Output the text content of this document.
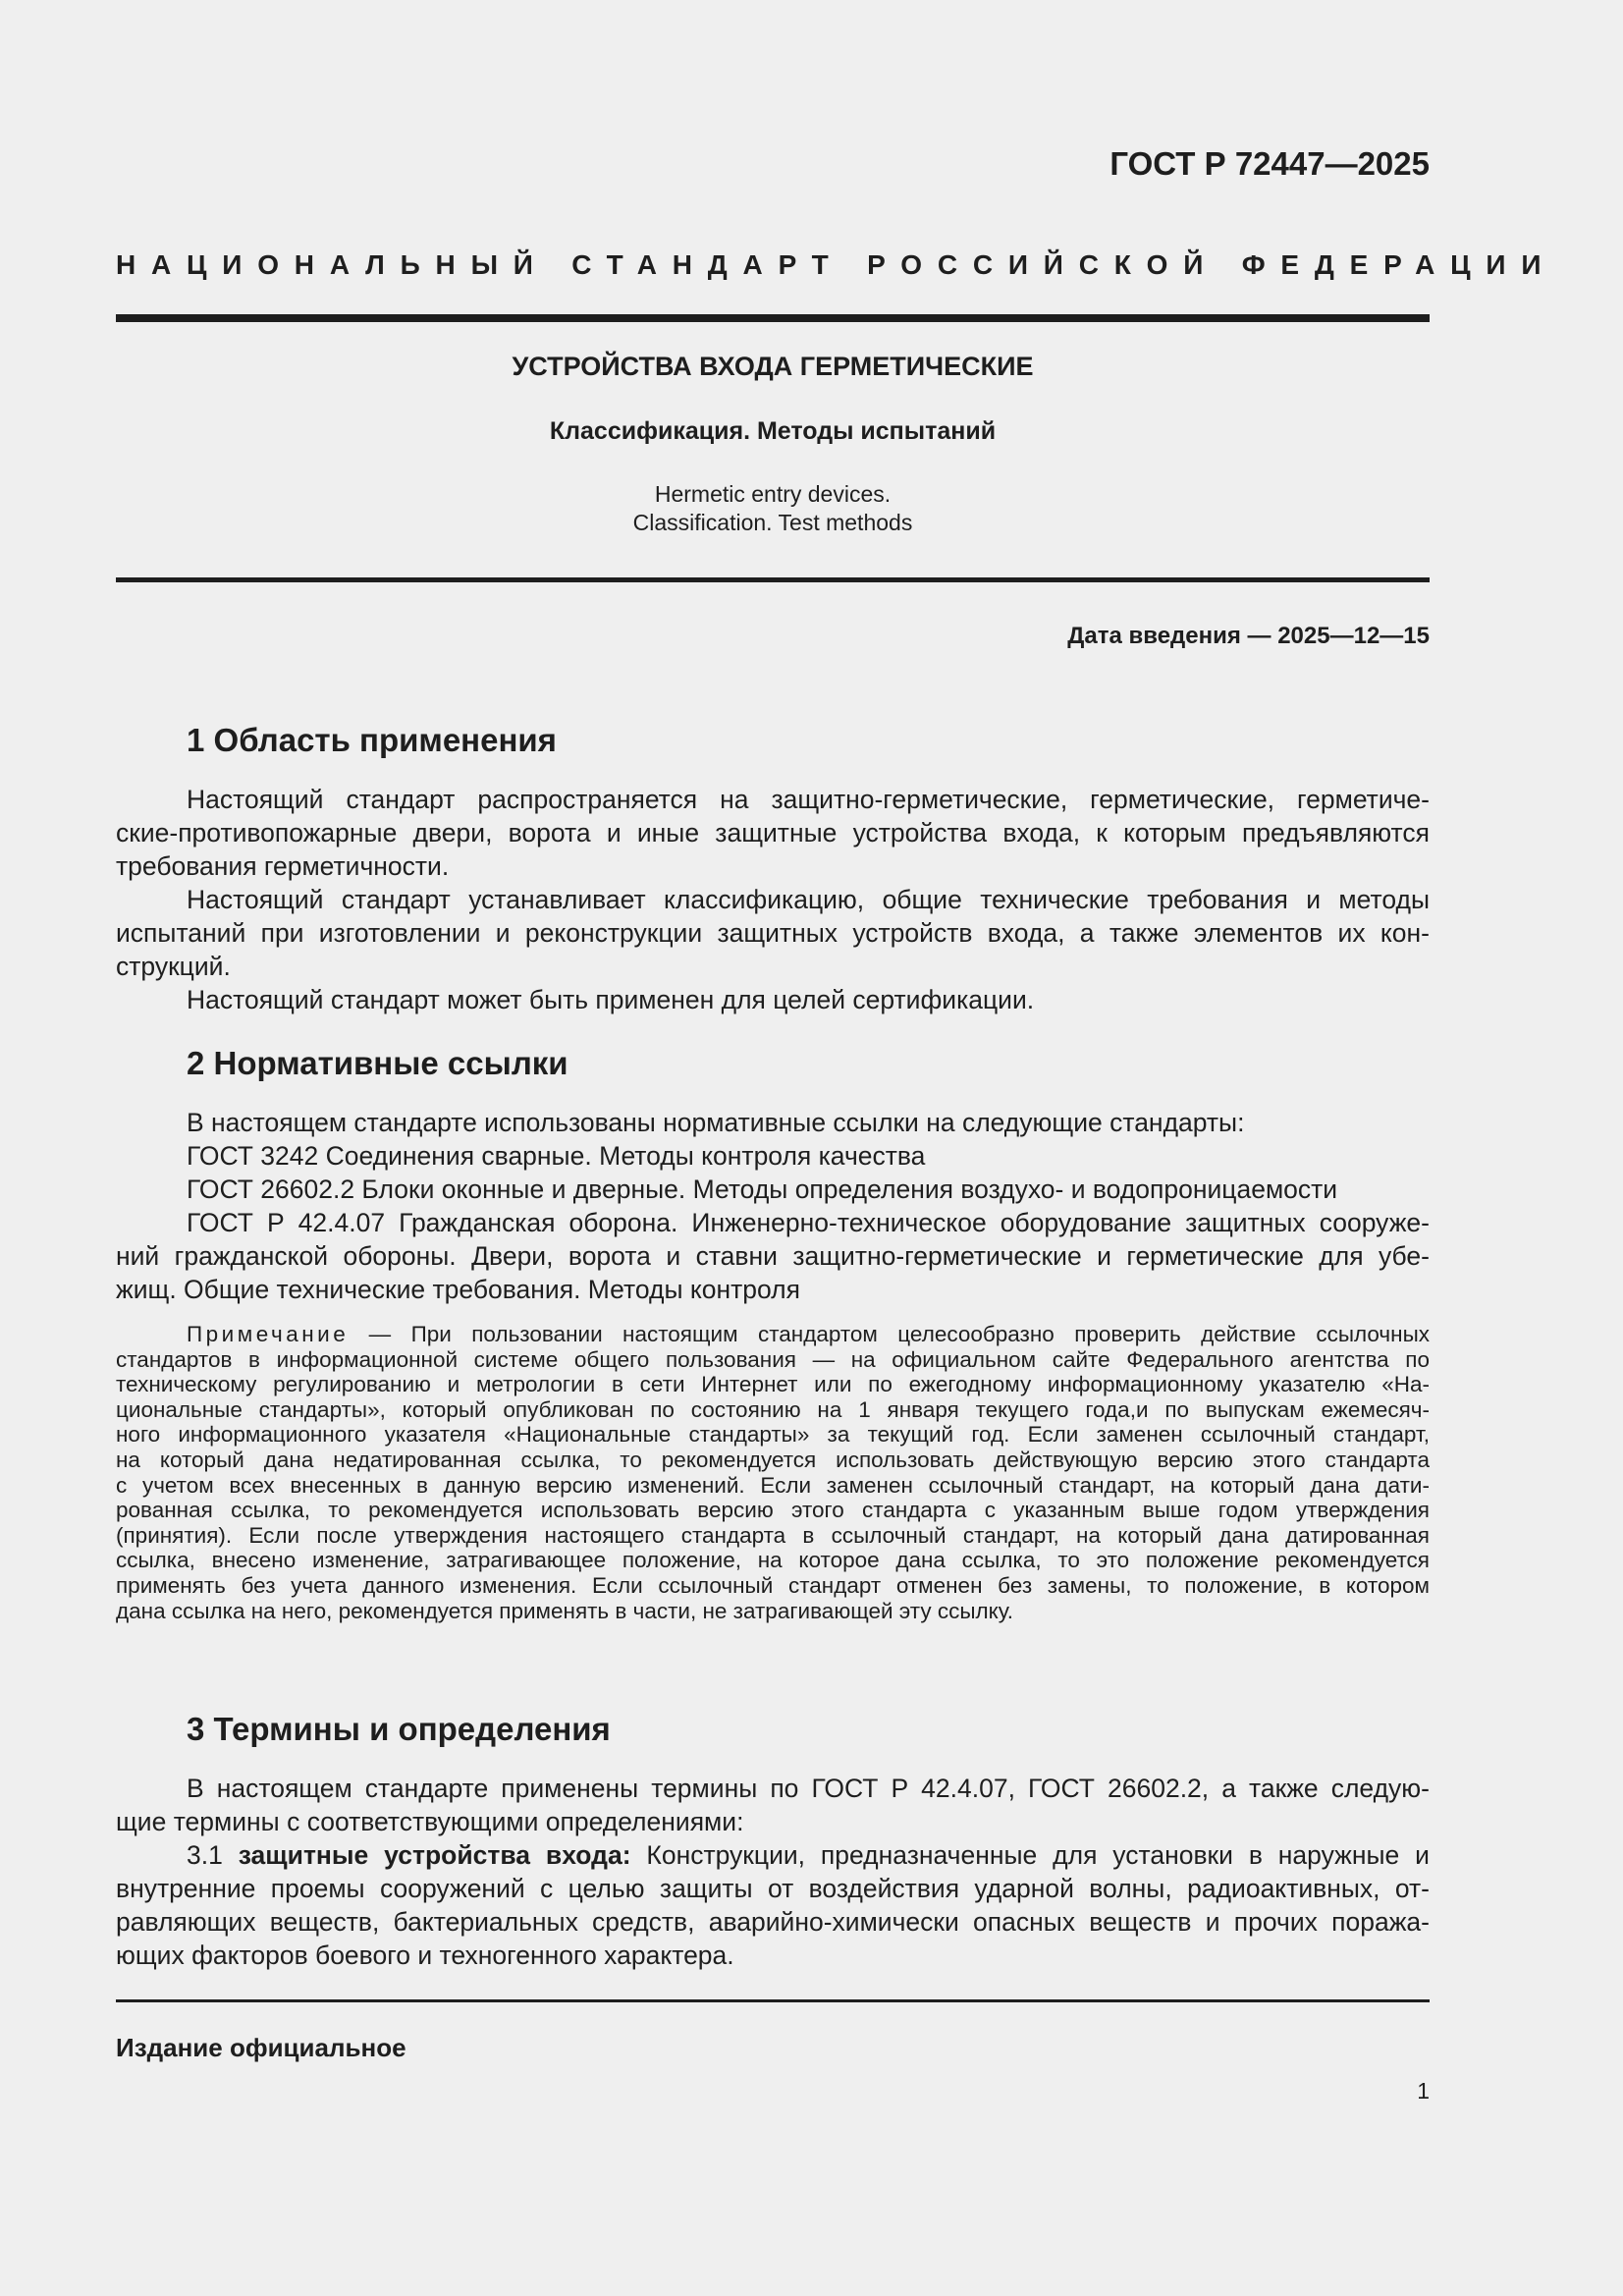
ГОСТ Р 72447—2025
НАЦИОНАЛЬНЫЙ СТАНДАРТ РОССИЙСКОЙ ФЕДЕРАЦИИ
УСТРОЙСТВА ВХОДА ГЕРМЕТИЧЕСКИЕ
Классификация. Методы испытаний
Hermetic entry devices.
Classification. Test methods
Дата введения — 2025—12—15
1 Область применения
Настоящий стандарт распространяется на защитно-герметические, герметические, герметиче-
ские-противопожарные двери, ворота и иные защитные устройства входа, к которым предъявляются
требования герметичности.
Настоящий стандарт устанавливает классификацию, общие технические требования и методы
испытаний при изготовлении и реконструкции защитных устройств входа, а также элементов их кон-
струкций.
Настоящий стандарт может быть применен для целей сертификации.
2 Нормативные ссылки
В настоящем стандарте использованы нормативные ссылки на следующие стандарты:
ГОСТ 3242 Соединения сварные. Методы контроля качества
ГОСТ 26602.2 Блоки оконные и дверные. Методы определения воздухо- и водопроницаемости
ГОСТ Р 42.4.07 Гражданская оборона. Инженерно-техническое оборудование защитных сооруже-
ний гражданской обороны. Двери, ворота и ставни защитно-герметические и герметические для убе-
жищ. Общие технические требования. Методы контроля
Примечание — При пользовании настоящим стандартом целесообразно проверить действие ссылочных
стандартов в информационной системе общего пользования — на официальном сайте Федерального агентства по
техническому регулированию и метрологии в сети Интернет или по ежегодному информационному указателю «На-
циональные стандарты», который опубликован по состоянию на 1 января текущего года,и по выпускам ежемесяч-
ного информационного указателя «Национальные стандарты» за текущий год. Если заменен ссылочный стандарт,
на который дана недатированная ссылка, то рекомендуется использовать действующую версию этого стандарта
с учетом всех внесенных в данную версию изменений. Если заменен ссылочный стандарт, на который дана дати-
рованная ссылка, то рекомендуется использовать версию этого стандарта с указанным выше годом утверждения
(принятия). Если после утверждения настоящего стандарта в ссылочный стандарт, на который дана датированная
ссылка, внесено изменение, затрагивающее положение, на которое дана ссылка, то это положение рекомендуется
применять без учета данного изменения. Если ссылочный стандарт отменен без замены, то положение, в котором
дана ссылка на него, рекомендуется применять в части, не затрагивающей эту ссылку.
3 Термины и определения
В настоящем стандарте применены термины по ГОСТ Р 42.4.07, ГОСТ 26602.2, а также следую-
щие термины с соответствующими определениями:
3.1 защитные устройства входа: Конструкции, предназначенные для установки в наружные и
внутренние проемы сооружений с целью защиты от воздействия ударной волны, радиоактивных, от-
равляющих веществ, бактериальных средств, аварийно-химически опасных веществ и прочих поража-
ющих факторов боевого и техногенного характера.
Издание официальное
1
